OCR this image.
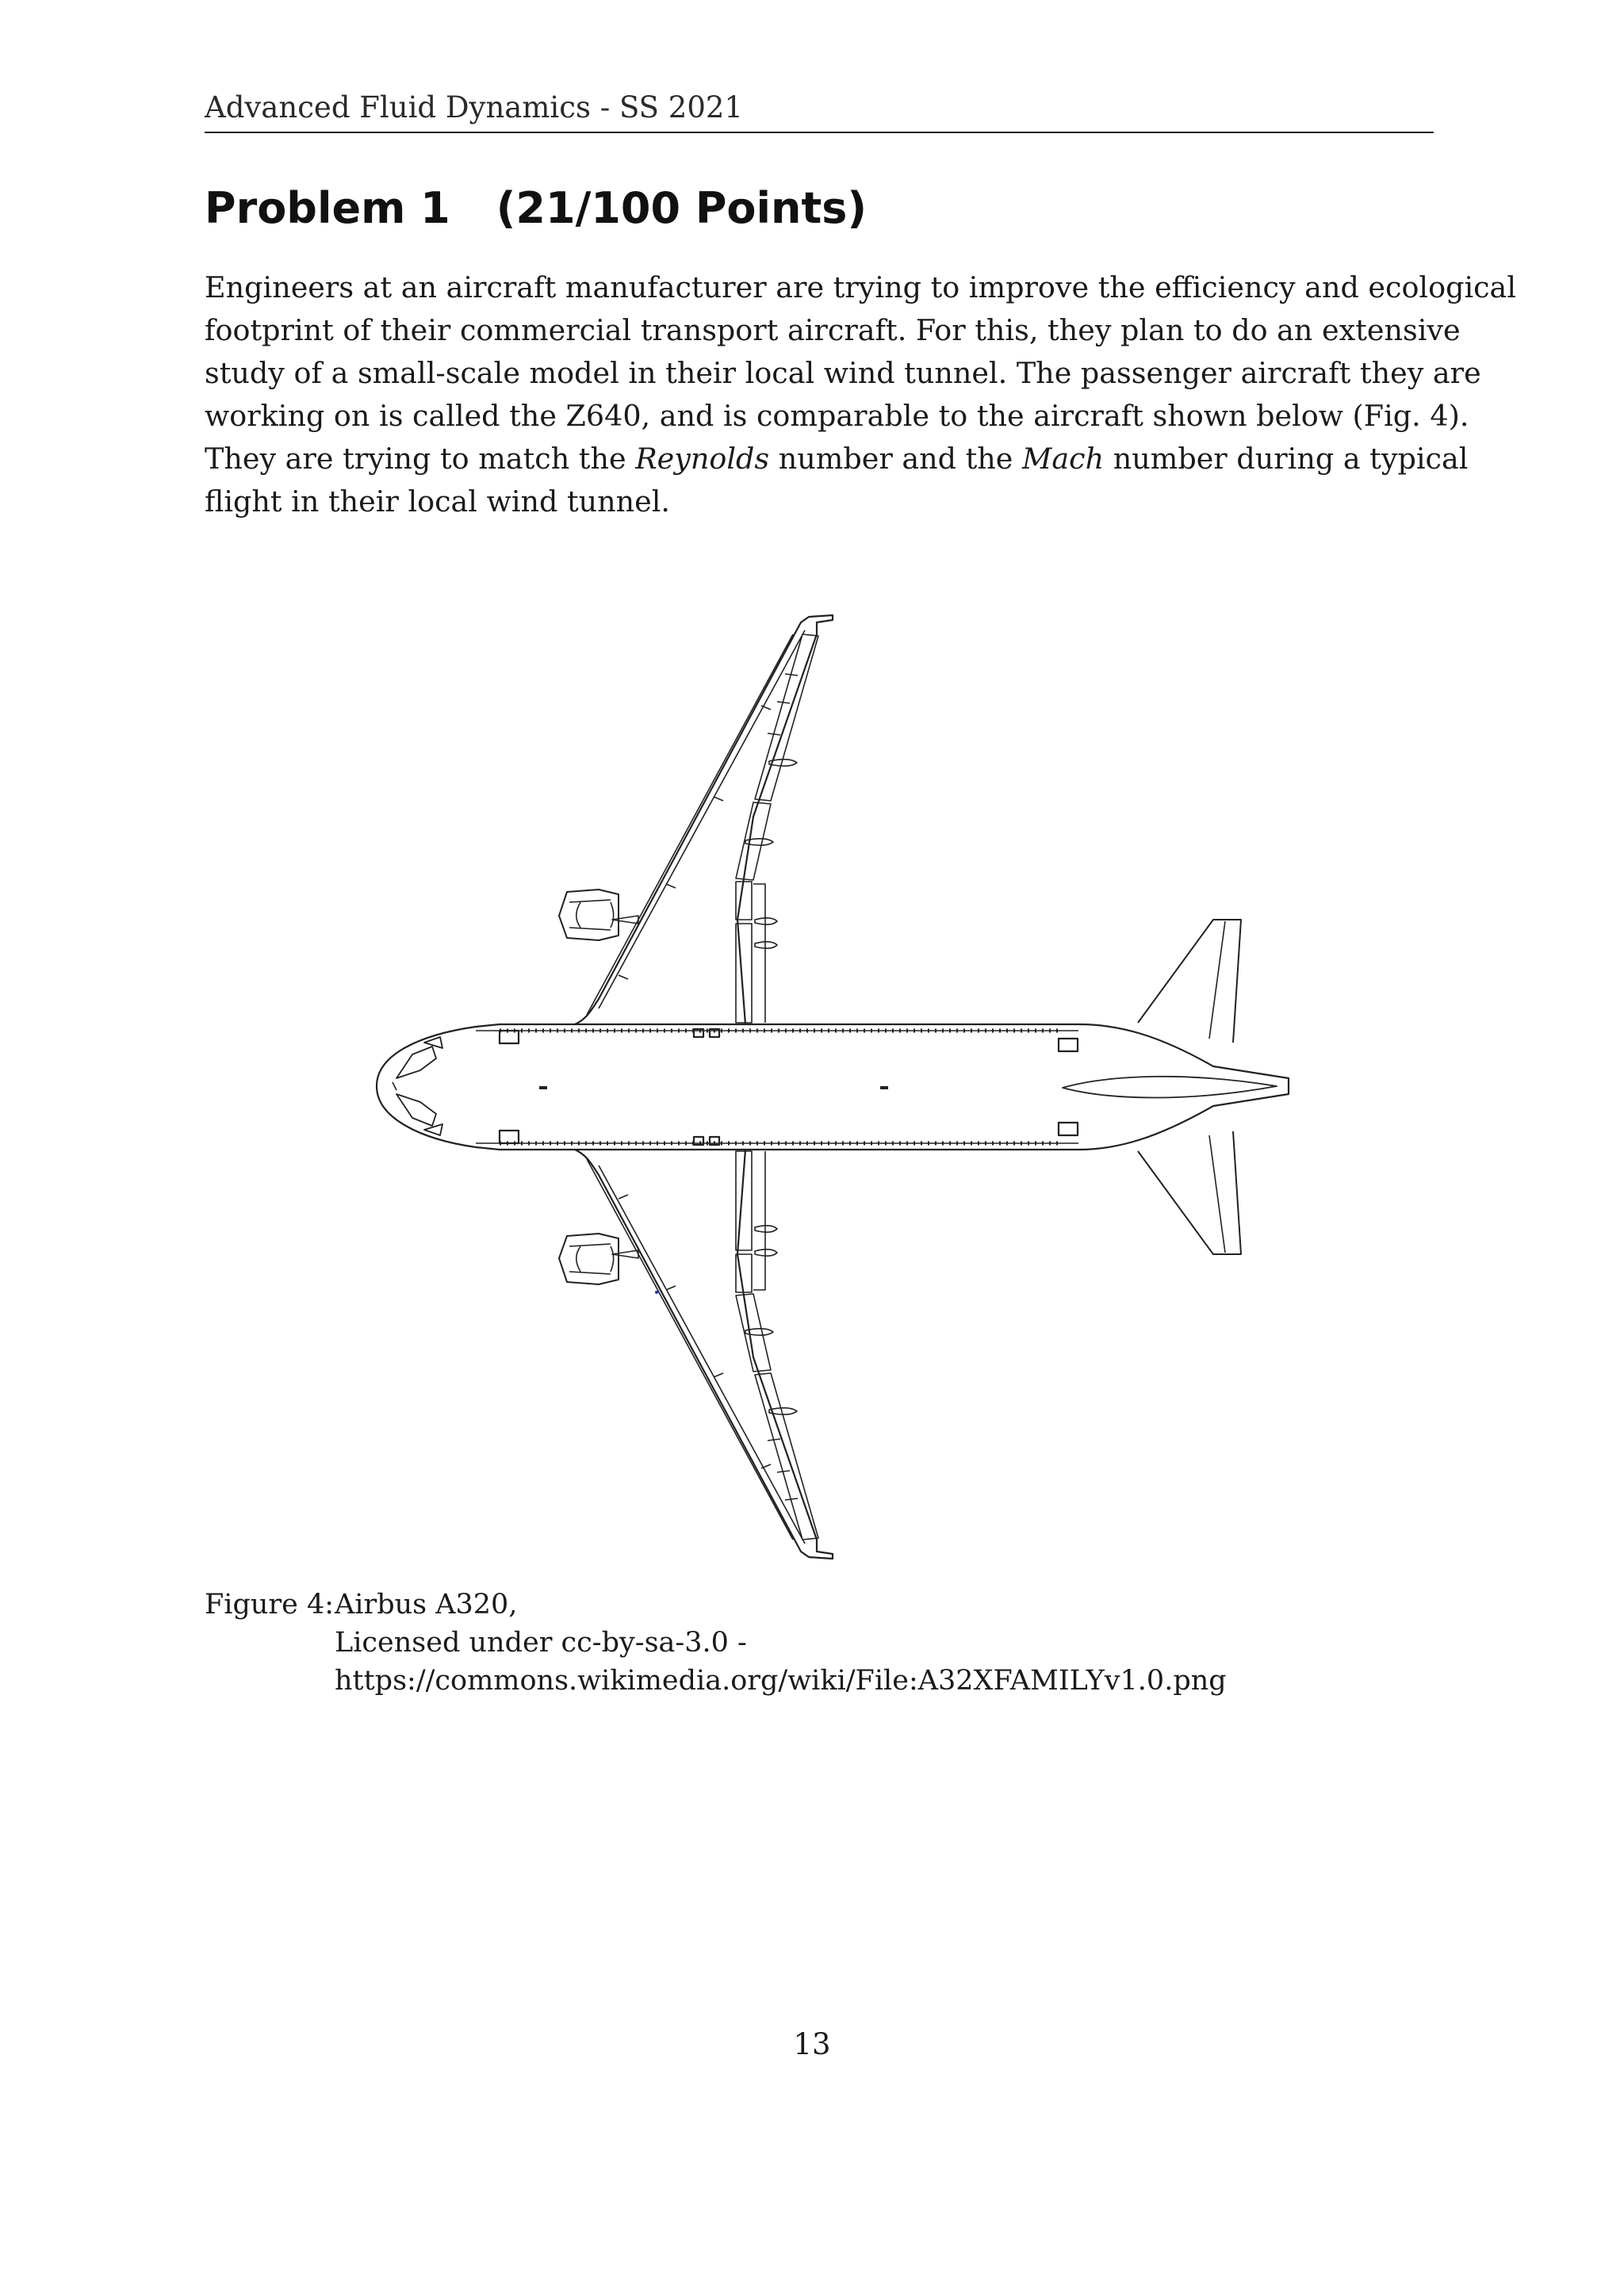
Advanced Fluid Dynamics - SS 2021
Problem 1 (21/100 Points)
Engineers at an aircraft manufacturer are trying to improve the efficiency and ecological
footprint of their commercial transport aircraft. For this, they plan to do an extensive
study of a small-scale model in their local wind tunnel. The passenger aircraft they are
working on is called the Z640, and is comparable to the aircraft shown below (Fig. 4).
They are trying to match the Reynolds number and the Mach number during a typical
flight in their local wind tunnel.
Figure 4: Airbus A320,
Licensed under cc-by-sa-3.0 -
https://commons.wikimedia.org/wiki/File:A32XFAMILYv1.0.png
13
